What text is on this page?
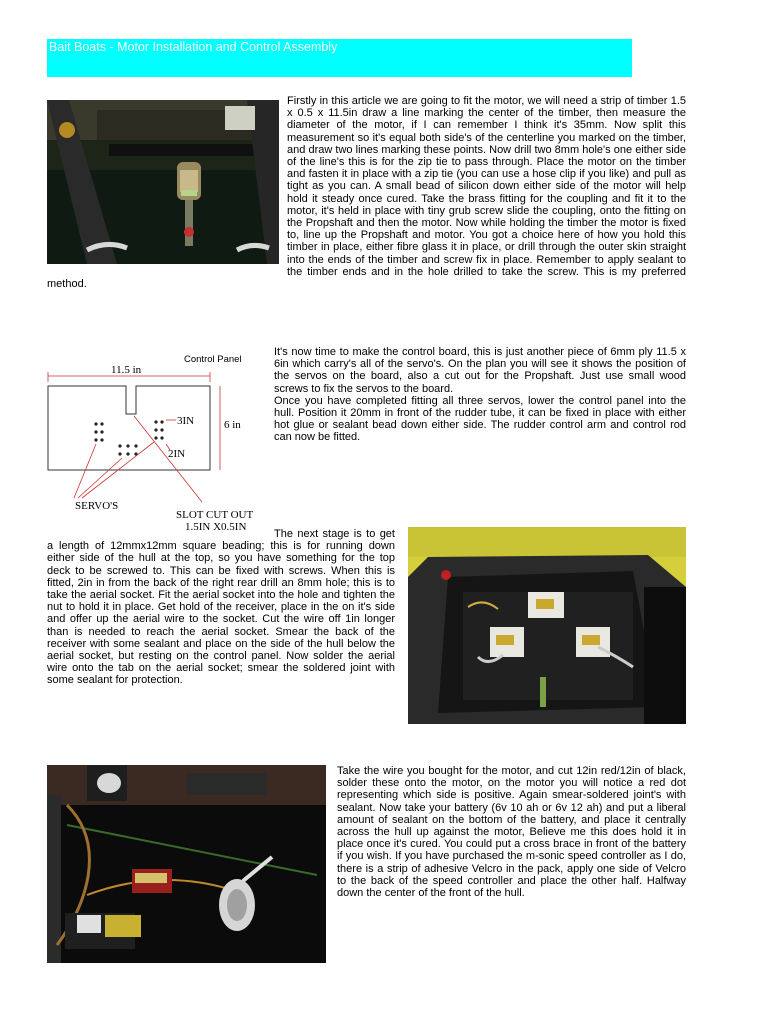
Bait Boats - Motor Installation and Control Assembly

Firstly in this article we are going to fit the motor, we will need a strip of timber 1.5 x 0.5 x 11.5in draw a line marking the center of the timber, then measure the diameter of the motor, if I can remember I think it's 35mm. Now split this measurement so it's equal both side's of the centerline you marked on the timber, and draw two lines marking these points. Now drill two 8mm hole's one either side of the line's this is for the zip tie to pass through. Place the motor on the timber and fasten it in place with a zip tie (you can use a hose clip if you like) and pull as tight as you can. A small bead of silicon down either side of the motor will help hold it steady once cured. Take the brass fitting for the coupling and fit it to the motor, it's held in place with tiny grub screw slide the coupling, onto the fitting on the Propshaft and then the motor. Now while holding the timber the motor is fixed to, line up the Propshaft and motor. You got a choice here of how you hold this timber in place, either fibre glass it in place, or drill through the outer skin straight into the ends of the timber and screw fix in place. Remember to apply sealant to the timber ends and in the hole drilled to take the screw. This is my preferred method.

Control Panel
11.5 in
6 in
3IN
2IN
SERVO'S
SLOT CUT OUT
1.5IN X0.5IN

It's now time to make the control board, this is just another piece of 6mm ply 11.5 x 6in which carry's all of the servo's. On the plan you will see it shows the position of the servos on the board, also a cut out for the Propshaft. Just use small wood screws to fix the servos to the board.

Once you have completed fitting all three servos, lower the control panel into the hull. Position it 20mm in front of the rudder tube, it can be fixed in place with either hot glue or sealant bead down either side. The rudder control arm and control rod can now be fitted.

The next stage is to get a length of 12mmx12mm square beading; this is for running down either side of the hull at the top, so you have something for the top deck to be screwed to. This can be fixed with screws. When this is fitted, 2in in from the back of the right rear drill an 8mm hole; this is to take the aerial socket. Fit the aerial socket into the hole and tighten the nut to hold it in place. Get hold of the receiver, place in the on it's side and offer up the aerial wire to the socket. Cut the wire off 1in longer than is needed to reach the aerial socket. Smear the back of the receiver with some sealant and place on the side of the hull below the aerial socket, but resting on the control panel. Now solder the aerial wire onto the tab on the aerial socket; smear the soldered joint with some sealant for protection.

Take the wire you bought for the motor, and cut 12in red/12in of black, solder these onto the motor, on the motor you will notice a red dot representing which side is positive. Again smear-soldered joint's with sealant. Now take your battery (6v 10 ah or 6v 12 ah) and put a liberal amount of sealant on the bottom of the battery, and place it centrally across the hull up against the motor, Believe me this does hold it in place once it's cured. You could put a cross brace in front of the battery if you wish. If you have purchased the m-sonic speed controller as I do, there is a strip of adhesive Velcro in the pack, apply one side of Velcro to the back of the speed controller and place the other half. Halfway down the center of the front of the hull.
